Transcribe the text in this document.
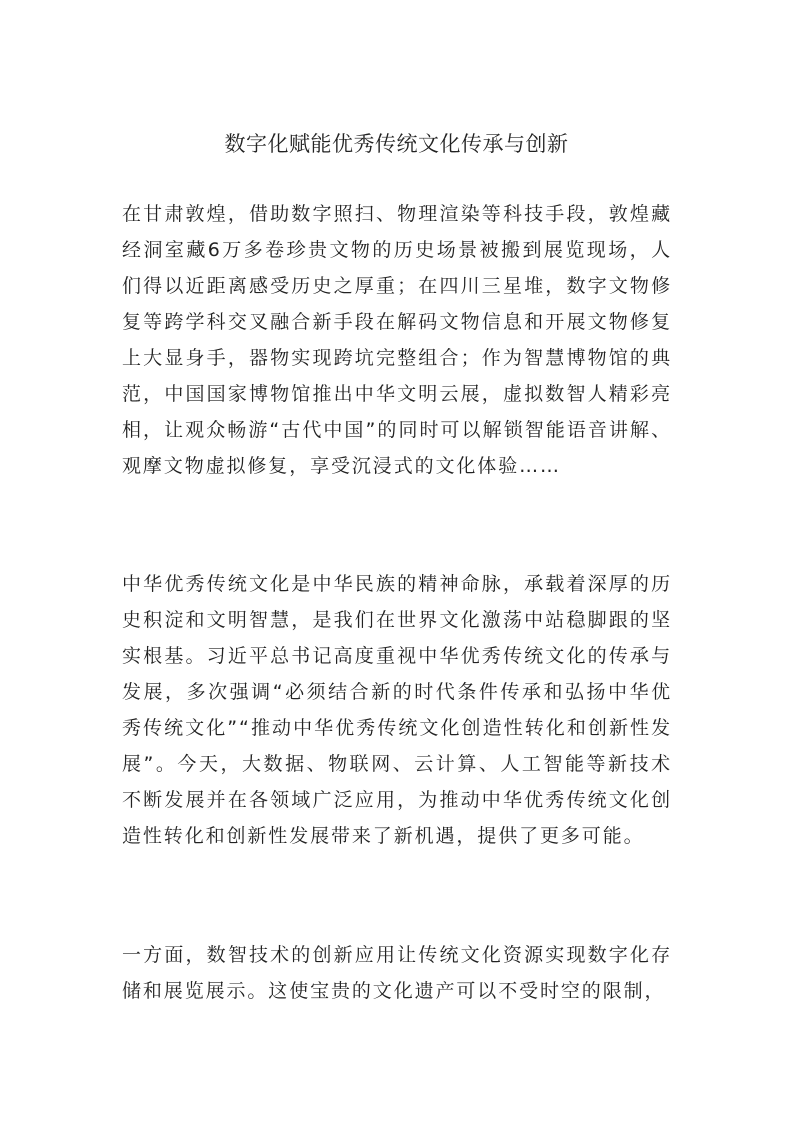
数字化赋能优秀传统文化传承与创新

在甘肃敦煌，借助数字照扫、物理渲染等科技手段，敦煌藏经洞室藏6万多卷珍贵文物的历史场景被搬到展览现场，人们得以近距离感受历史之厚重；在四川三星堆，数字文物修复等跨学科交叉融合新手段在解码文物信息和开展文物修复上大显身手，器物实现跨坑完整组合；作为智慧博物馆的典范，中国国家博物馆推出中华文明云展，虚拟数智人精彩亮相，让观众畅游“古代中国”的同时可以解锁智能语音讲解、观摩文物虚拟修复，享受沉浸式的文化体验……

中华优秀传统文化是中华民族的精神命脉，承载着深厚的历史积淀和文明智慧，是我们在世界文化激荡中站稳脚跟的坚实根基。习近平总书记高度重视中华优秀传统文化的传承与发展，多次强调“必须结合新的时代条件传承和弘扬中华优秀传统文化”“推动中华优秀传统文化创造性转化和创新性发展”。今天，大数据、物联网、云计算、人工智能等新技术不断发展并在各领域广泛应用，为推动中华优秀传统文化创造性转化和创新性发展带来了新机遇，提供了更多可能。

一方面，数智技术的创新应用让传统文化资源实现数字化存储和展览展示。这使宝贵的文化遗产可以不受时空的限制，
